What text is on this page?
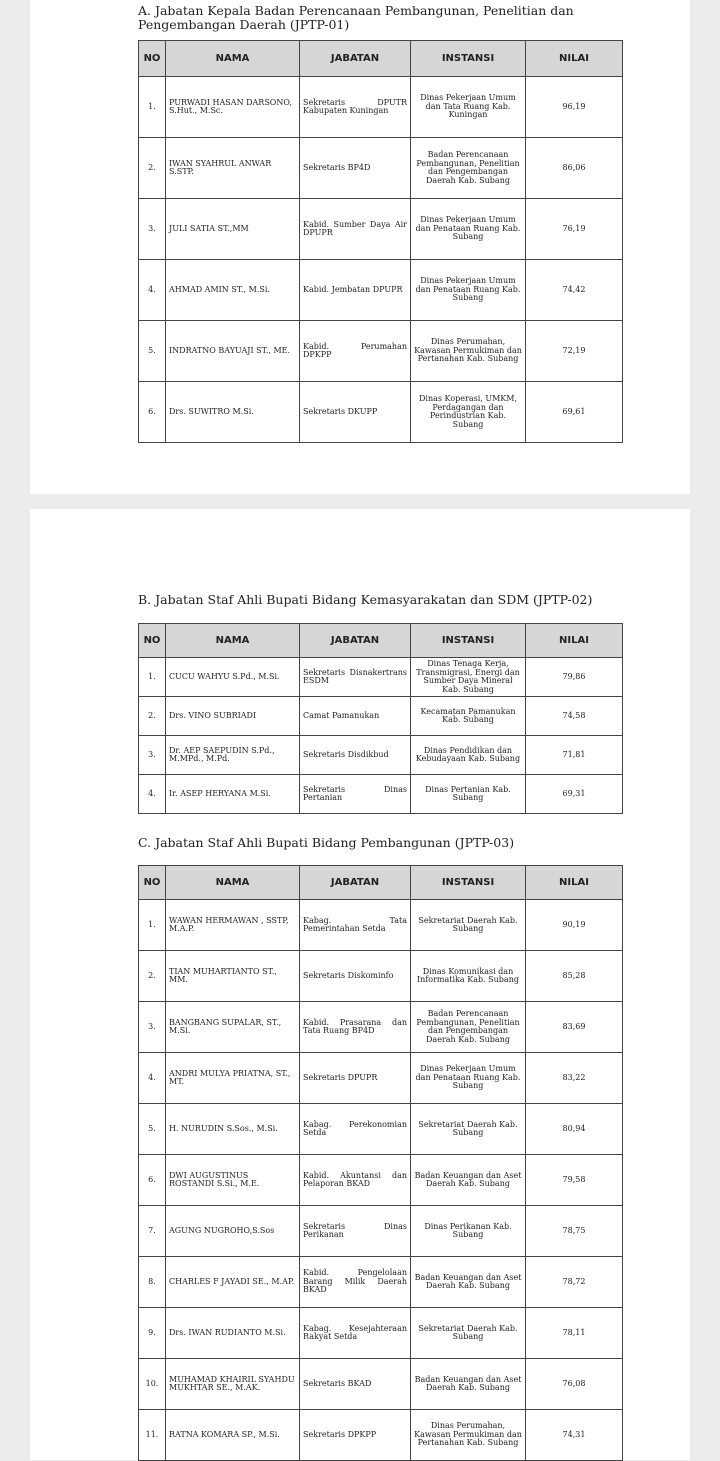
A. Jabatan Kepala Badan Perencanaan Pembangunan, Penelitian dan Pengembangan Daerah (JPTP-01)
NO	NAMA	JABATAN	INSTANSI	NILAI
1.	PURWADI HASAN DARSONO, S.Hut., M.Sc.	Sekretaris DPUTR Kabupaten Kuningan	Dinas Pekerjaan Umum dan Tata Ruang Kab. Kuningan	96,19
2.	IWAN SYAHRUL ANWAR S.STP.	Sekretaris BP4D	Badan Perencanaan Pembangunan, Penelitian dan Pengembangan Daerah Kab. Subang	86,06
3.	JULI SATIA ST.,MM	Kabid. Sumber Daya Air DPUPR	Dinas Pekerjaan Umum dan Penataan Ruang Kab. Subang	76,19
4.	AHMAD AMIN ST., M.Si.	Kabid. Jembatan DPUPR	Dinas Pekerjaan Umum dan Penataan Ruang Kab. Subang	74,42
5.	INDRATNO BAYUAJI ST., ME.	Kabid. Perumahan DPKPP	Dinas Perumahan, Kawasan Permukiman dan Pertanahan Kab. Subang	72,19
6.	Drs. SUWITRO M.Si.	Sekretaris DKUPP	Dinas Koperasi, UMKM, Perdagangan dan Perindustrian Kab. Subang	69,61
B. Jabatan Staf Ahli Bupati Bidang Kemasyarakatan dan SDM (JPTP-02)
NO	NAMA	JABATAN	INSTANSI	NILAI
1.	CUCU WAHYU S.Pd., M.Si.	Sekretaris Disnakertrans ESDM	Dinas Tenaga Kerja, Transmigrasi, Energi dan Sumber Daya Mineral Kab. Subang	79,86
2.	Drs. VINO SUBRIADI	Camat Pamanukan	Kecamatan Pamanukan Kab. Subang	74,58
3.	Dr. AEP SAEPUDIN S.Pd., M.MPd., M.Pd.	Sekretaris Disdikbud	Dinas Pendidikan dan Kebudayaan Kab. Subang	71,81
4.	Ir. ASEP HERYANA M.Si.	Sekretaris Dinas Pertanian	Dinas Pertanian Kab. Subang	69,31
C. Jabatan Staf Ahli Bupati Bidang Pembangunan (JPTP-03)
NO	NAMA	JABATAN	INSTANSI	NILAI
1.	WAWAN HERMAWAN , SSTP, M.A.P.	Kabag. Tata Pemerintahan Setda	Sekretariat Daerah Kab. Subang	90,19
2.	TIAN MUHARTIANTO ST., MM.	Sekretaris Diskominfo	Dinas Komunikasi dan Informatika Kab. Subang	85,28
3.	BANGBANG SUPALAR, ST., M.Si.	Kabid. Prasarana dan Tata Ruang BP4D	Badan Perencanaan Pembangunan, Penelitian dan Pengembangan Daerah Kab. Subang	83,69
4.	ANDRI MULYA PRIATNA, ST., MT.	Sekretaris DPUPR	Dinas Pekerjaan Umum dan Penataan Ruang Kab. Subang	83,22
5.	H. NURUDIN S.Sos., M.Si.	Kabag. Perekonomian Setda	Sekretariat Daerah Kab. Subang	80,94
6.	DWI AUGUSTINUS ROSTANDI S.Si., M.E.	Kabid. Akuntansi dan Pelaporan BKAD	Badan Keuangan dan Aset Daerah Kab. Subang	79,58
7.	AGUNG NUGROHO,S.Sos	Sekretaris Dinas Perikanan	Dinas Perikanan Kab. Subang	78,75
8.	CHARLES F JAYADI SE., M.AP.	Kabid. Pengelolaan Barang Milik Daerah BKAD	Badan Keuangan dan Aset Daerah Kab. Subang	78,72
9.	Drs. IWAN RUDIANTO M.Si.	Kabag. Kesejahteraan Rakyat Setda	Sekretariat Daerah Kab. Subang	78,11
10.	MUHAMAD KHAIRIL SYAHDU MUKHTAR SE., M.AK.	Sekretaris BKAD	Badan Keuangan dan Aset Daerah Kab. Subang	76,08
11.	RATNA KOMARA SP., M.Si.	Sekretaris DPKPP	Dinas Perumahan, Kawasan Permukiman dan Pertanahan Kab. Subang	74,31
